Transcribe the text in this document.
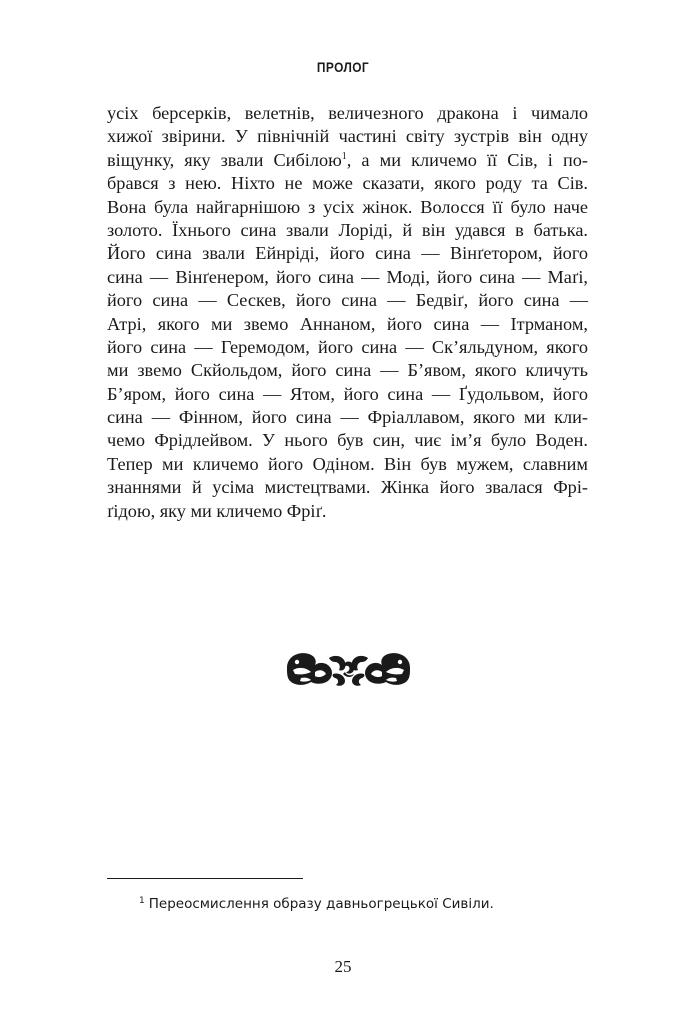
ПРОЛОГ
усіх берсерків, велетнів, величезного дракона і чимало
хижої звірини. У північній частині світу зустрів він одну
віщунку, яку звали Сибілою$^1$, а ми кличемо її Сів, і по-
брався з нею. Ніхто не може сказати, якого роду та Сів.
Вона була найгарнішою з усіх жінок. Волосся її було наче
золото. Їхнього сина звали Лоріді, й він удався в батька.
Його сина звали Ейнріді, його сина — Вінґетором, його
сина — Вінґенером, його сина — Моді, його сина — Маґі,
його сина — Сескев, його сина — Бедвіґ, його сина —
Атрі, якого ми звемо Аннаном, його сина — Ітрманом,
його сина — Геремодом, його сина — Ск’яльдуном, якого
ми звемо Скйольдом, його сина — Б’явом, якого кличуть
Б’яром, його сина — Ятом, його сина — Ґудольвом, його
сина — Фінном, його сина — Фріаллавом, якого ми кли-
чемо Фрідлейвом. У нього був син, чиє ім’я було Воден.
Тепер ми кличемо його Одіном. Він був мужем, славним
знаннями й усіма мистецтвами. Жінка його звалася Фрі-
ґідою, яку ми кличемо Фріґ.
$^1$ Переосмислення образу давньогрецької Сивіли.
25
